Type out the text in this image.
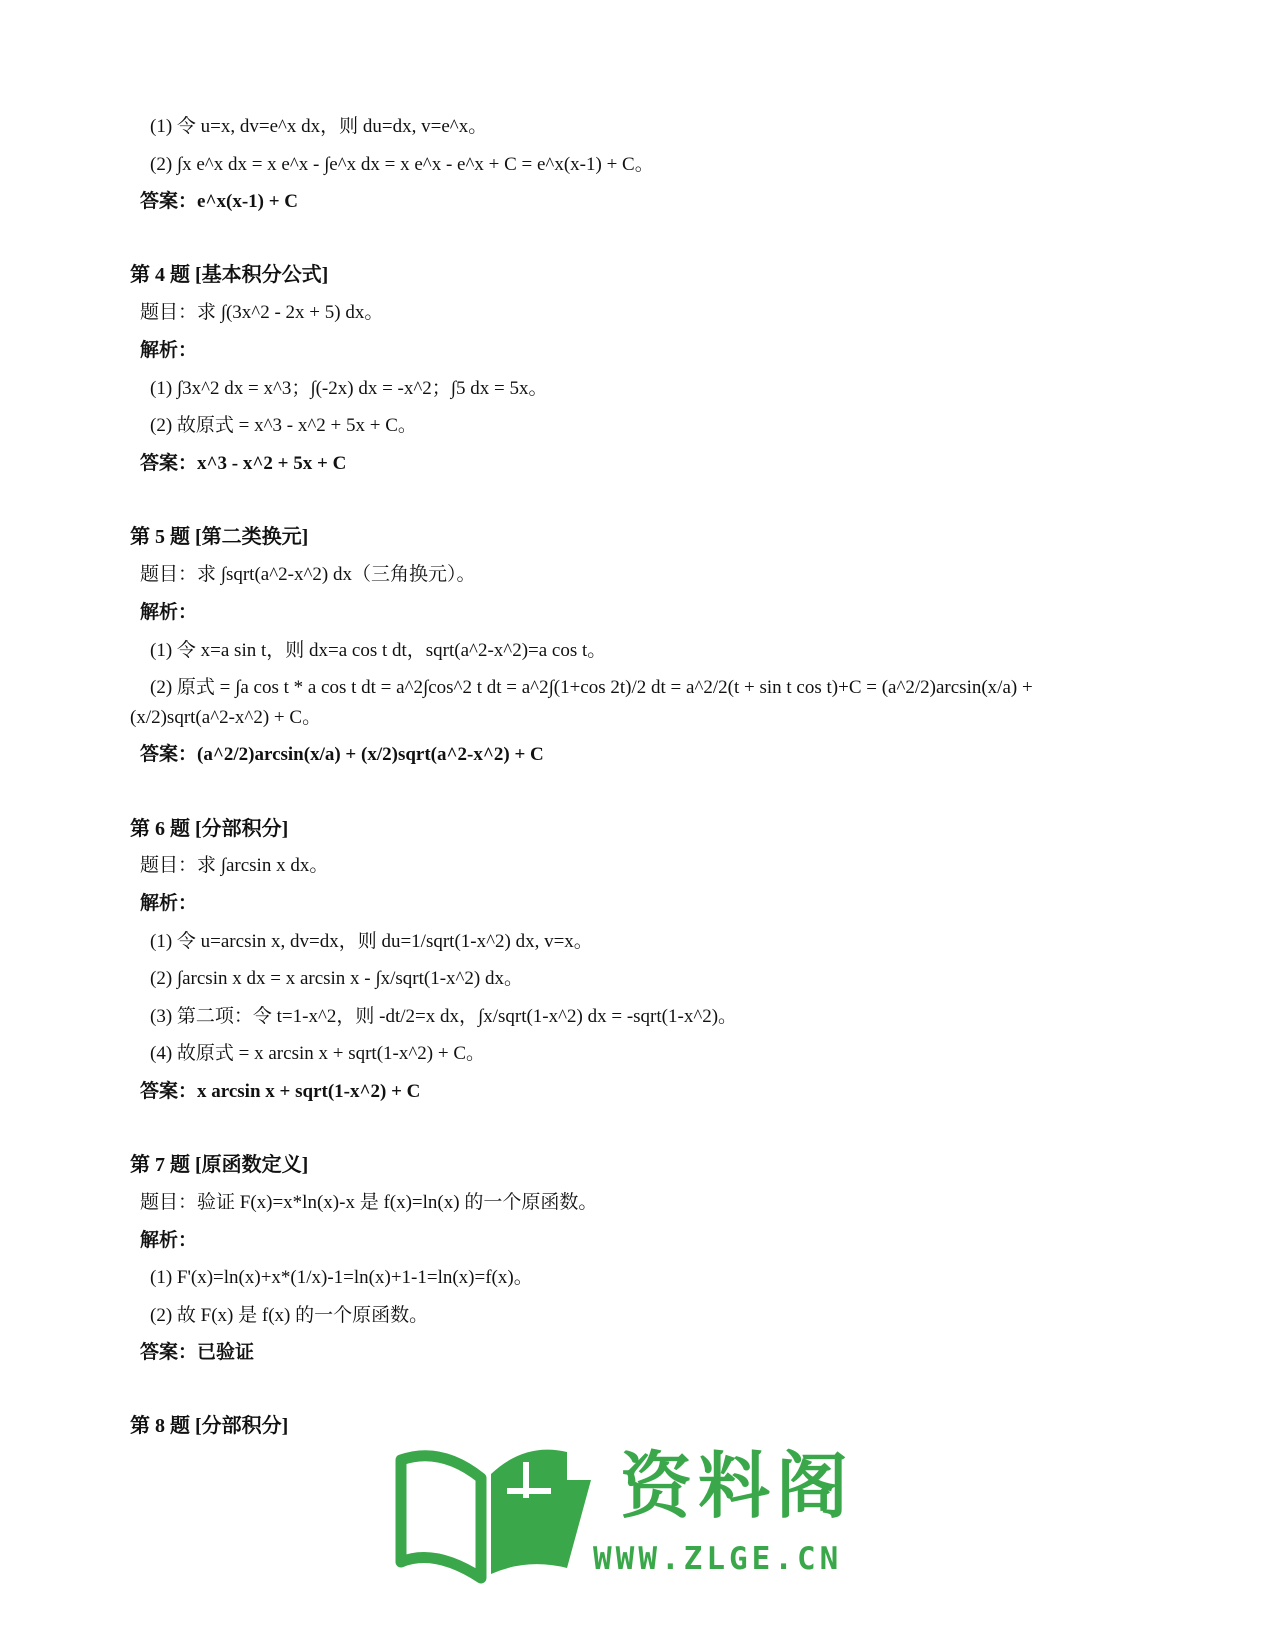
(1) 令 u=x, dv=e^x dx，则 du=dx, v=e^x。
(2) ∫x e^x dx = x e^x - ∫e^x dx = x e^x - e^x + C = e^x(x-1) + C。
答案：e^x(x-1) + C
第 4 题 [基本积分公式]
题目：求 ∫(3x^2 - 2x + 5) dx。
解析：
(1) ∫3x^2 dx = x^3；∫(-2x) dx = -x^2；∫5 dx = 5x。
(2) 故原式 = x^3 - x^2 + 5x + C。
答案：x^3 - x^2 + 5x + C
第 5 题 [第二类换元]
题目：求 ∫sqrt(a^2-x^2) dx（三角换元）。
解析：
(1) 令 x=a sin t，则 dx=a cos t dt，sqrt(a^2-x^2)=a cos t。
(2) 原式 = ∫a cos t * a cos t dt = a^2∫cos^2 t dt = a^2∫(1+cos 2t)/2 dt = a^2/2(t + sin t cos t)+C = (a^2/2)arcsin(x/a) +
(x/2)sqrt(a^2-x^2) + C。
答案：(a^2/2)arcsin(x/a) + (x/2)sqrt(a^2-x^2) + C
第 6 题 [分部积分]
题目：求 ∫arcsin x dx。
解析：
(1) 令 u=arcsin x, dv=dx，则 du=1/sqrt(1-x^2) dx, v=x。
(2) ∫arcsin x dx = x arcsin x - ∫x/sqrt(1-x^2) dx。
(3) 第二项：令 t=1-x^2，则 -dt/2=x dx，∫x/sqrt(1-x^2) dx = -sqrt(1-x^2)。
(4) 故原式 = x arcsin x + sqrt(1-x^2) + C。
答案：x arcsin x + sqrt(1-x^2) + C
第 7 题 [原函数定义]
题目：验证 F(x)=x*ln(x)-x 是 f(x)=ln(x) 的一个原函数。
解析：
(1) F'(x)=ln(x)+x*(1/x)-1=ln(x)+1-1=ln(x)=f(x)。
(2) 故 F(x) 是 f(x) 的一个原函数。
答案：已验证
第 8 题 [分部积分]
资料阁
WWW.ZLGE.CN
